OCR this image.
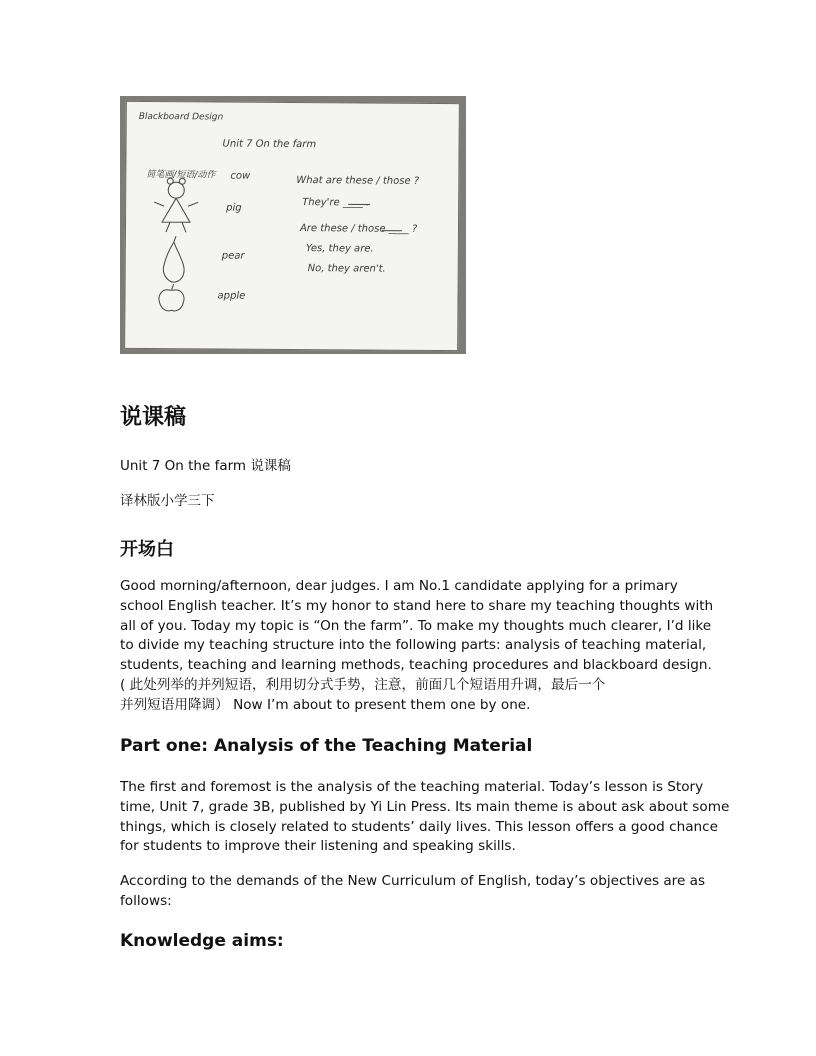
Blackboard Design
Unit 7 On the farm
简笔画/短语/动作 cow
pig
pear
apple
What are these / those ?
They're ____ .
Are these / those ____ ?
Yes, they are.
No, they aren't.
说课稿

Unit 7 On the farm 说课稿

译林版小学三下

开场白
Good morning/afternoon, dear judges. I am No.1 candidate applying for a primary
school English teacher. It’s my honor to stand here to share my teaching thoughts with
all of you. Today my topic is “On the farm”. To make my thoughts much clearer, I’d like
to divide my teaching structure into the following parts: analysis of teaching material,
students, teaching and learning methods, teaching procedures and blackboard design.
( 此处列举的并列短语，利用切分式手势，注意，前面几个短语用升调，最后一个
并列短语用降调） Now I’m about to present them one by one.
Part one: Analysis of the Teaching Material
The first and foremost is the analysis of the teaching material. Today’s lesson is Story
time, Unit 7, grade 3B, published by Yi Lin Press. Its main theme is about ask about some
things, which is closely related to students’ daily lives. This lesson offers a good chance
for students to improve their listening and speaking skills.
According to the demands of the New Curriculum of English, today’s objectives are as
follows:
Knowledge aims:
